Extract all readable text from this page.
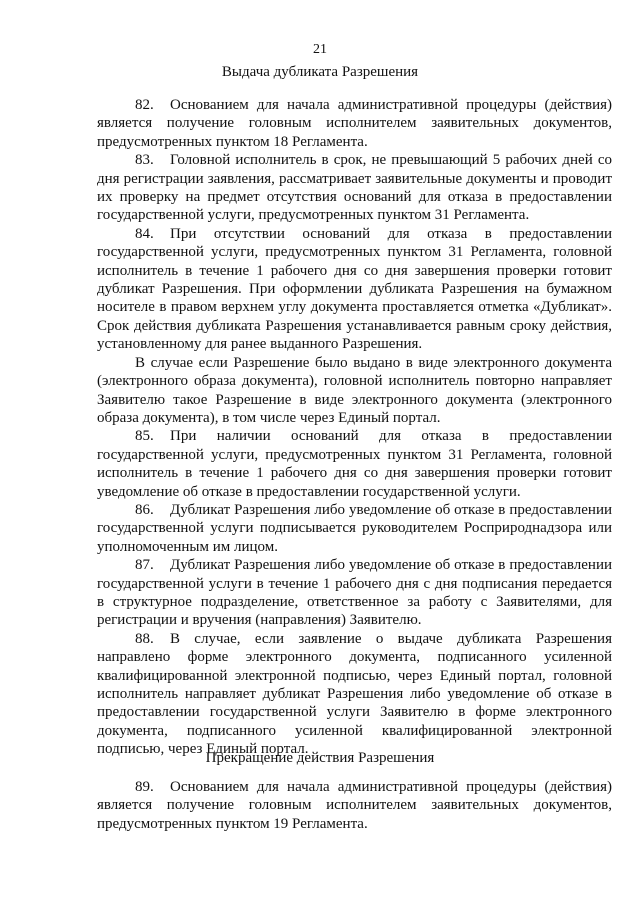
21
Выдача дубликата Разрешения

82. Основанием для начала административной процедуры (действия) является получение головным исполнителем заявительных документов, предусмотренных пунктом 18 Регламента.

83. Головной исполнитель в срок, не превышающий 5 рабочих дней со дня регистрации заявления, рассматривает заявительные документы и проводит их проверку на предмет отсутствия оснований для отказа в предоставлении государственной услуги, предусмотренных пунктом 31 Регламента.

84. При отсутствии оснований для отказа в предоставлении государственной услуги, предусмотренных пунктом 31 Регламента, головной исполнитель в течение 1 рабочего дня со дня завершения проверки готовит дубликат Разрешения. При оформлении дубликата Разрешения на бумажном носителе в правом верхнем углу документа проставляется отметка «Дубликат». Срок действия дубликата Разрешения устанавливается равным сроку действия, установленному для ранее выданного Разрешения.

В случае если Разрешение было выдано в виде электронного документа (электронного образа документа), головной исполнитель повторно направляет Заявителю такое Разрешение в виде электронного документа (электронного образа документа), в том числе через Единый портал.

85. При наличии оснований для отказа в предоставлении государственной услуги, предусмотренных пунктом 31 Регламента, головной исполнитель в течение 1 рабочего дня со дня завершения проверки готовит уведомление об отказе в предоставлении государственной услуги.

86. Дубликат Разрешения либо уведомление об отказе в предоставлении государственной услуги подписывается руководителем Росприроднадзора или уполномоченным им лицом.

87. Дубликат Разрешения либо уведомление об отказе в предоставлении государственной услуги в течение 1 рабочего дня с дня подписания передается в структурное подразделение, ответственное за работу с Заявителями, для регистрации и вручения (направления) Заявителю.

88. В случае, если заявление о выдаче дубликата Разрешения направлено форме электронного документа, подписанного усиленной квалифицированной электронной подписью, через Единый портал, головной исполнитель направляет дубликат Разрешения либо уведомление об отказе в предоставлении государственной услуги Заявителю в форме электронного документа, подписанного усиленной квалифицированной электронной подписью, через Единый портал.

Прекращение действия Разрешения

89. Основанием для начала административной процедуры (действия) является получение головным исполнителем заявительных документов, предусмотренных пунктом 19 Регламента.
